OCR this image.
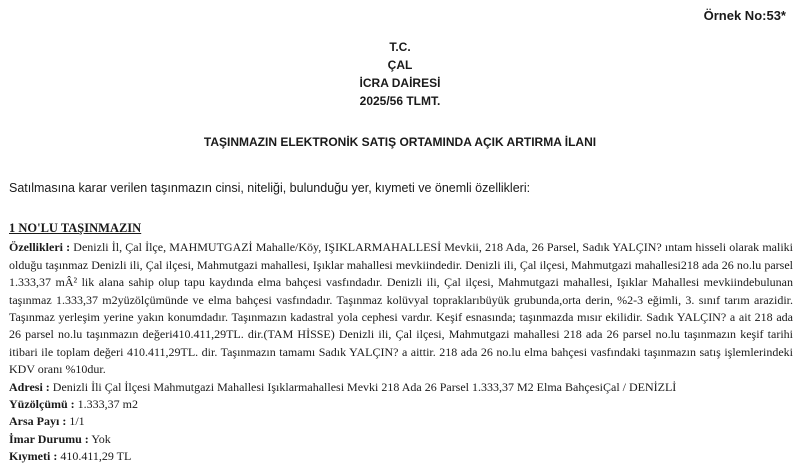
Örnek No:53*
T.C.
ÇAL
İCRA DAİRESİ
2025/56 TLMT.
TAŞINMAZIN ELEKTRONİK SATIŞ ORTAMINDA AÇIK ARTIRMA İLANI
Satılmasına karar verilen taşınmazın cinsi, niteliği, bulunduğu yer, kıymeti ve önemli özellikleri:
1 NO'LU TAŞINMAZIN
Özellikleri : Denizli İl, Çal İlçe, MAHMUTGAZİ Mahalle/Köy, IŞIKLARMAHALLESİ Mevkii, 218 Ada, 26 Parsel, Sadık YALÇIN? ıntam hisseli olarak maliki olduğu taşınmaz Denizli ili, Çal ilçesi, Mahmutgazi mahallesi, Işıklar mahallesi mevkiindedir. Denizli ili, Çal ilçesi, Mahmutgazi mahallesi218 ada 26 no.lu parsel 1.333,37 mÂ² lik alana sahip olup tapu kaydında elma bahçesi vasfındadır. Denizli ili, Çal ilçesi, Mahmutgazi mahallesi, Işıklar Mahallesi mevkiindebulunan taşınmaz 1.333,37 m2yüzölçümünde ve elma bahçesi vasfındadır. Taşınmaz kolüvyal topraklarıbüyük grubunda,orta derin, %2-3 eğimli, 3. sınıf tarım arazidir. Taşınmaz yerleşim yerine yakın konumdadır. Taşınmazın kadastral yola cephesi vardır. Keşif esnasında; taşınmazda mısır ekilidir. Sadık YALÇIN? a ait 218 ada 26 parsel no.lu taşınmazın değeri410.411,29TL. dir.(TAM HİSSE) Denizli ili, Çal ilçesi, Mahmutgazi mahallesi 218 ada 26 parsel no.lu taşınmazın keşif tarihi itibari ile toplam değeri 410.411,29TL. dir. Taşınmazın tamamı Sadık YALÇIN? a aittir. 218 ada 26 no.lu elma bahçesi vasfındaki taşınmazın satış işlemlerindeki KDV oranı %10dur.
Adresi : Denizli İli Çal İlçesi Mahmutgazi Mahallesi Işıklarmahallesi Mevki 218 Ada 26 Parsel 1.333,37 M2 Elma BahçesiÇal / DENİZLİ
Yüzölçümü : 1.333,37 m2
Arsa Payı : 1/1
İmar Durumu : Yok
Kıymeti : 410.411,29 TL
